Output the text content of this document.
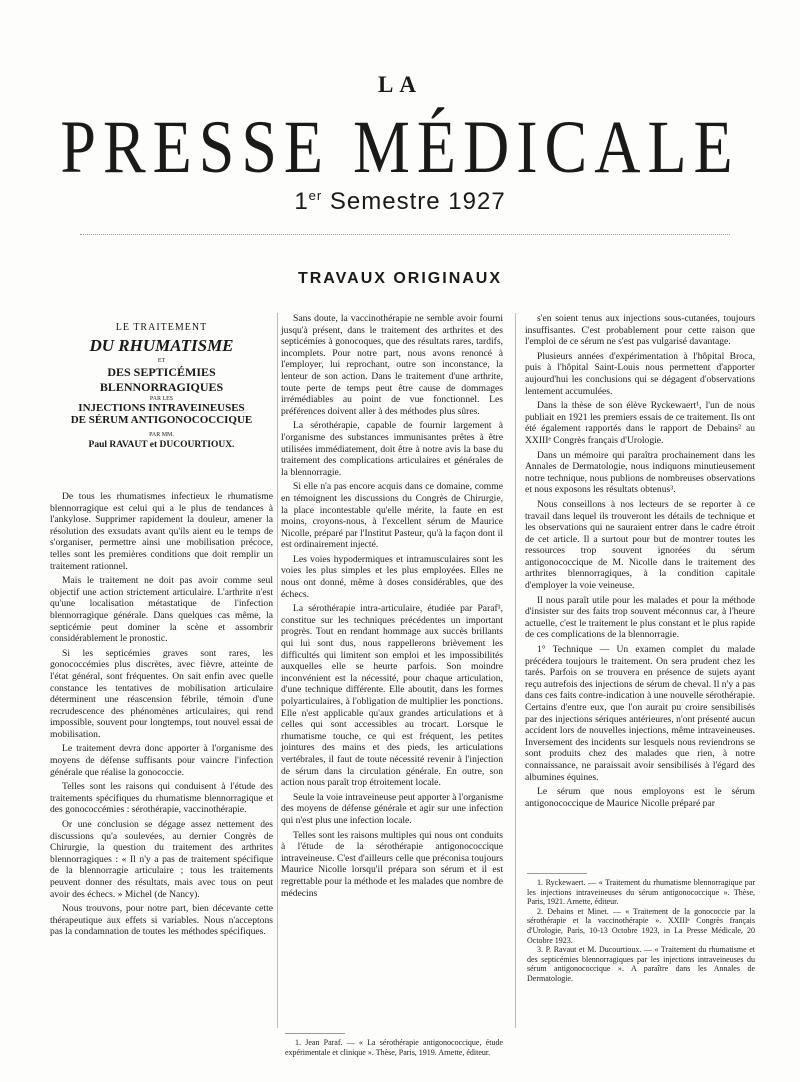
LA
PRESSE MÉDICALE
1er Semestre 1927
TRAVAUX ORIGINAUX
LE TRAITEMENT
DU RHUMATISME
ET
DES SEPTICÉMIES BLENNORRAGIQUES
PAR LES
INJECTIONS INTRAVEINEUSES
DE SÉRUM ANTIGONOCOCCIQUE
PAR MM.
Paul RAVAUT et DUCOURTIOUX.

De tous les rhumatismes infectieux le rhumatisme blennorragique est celui qui a le plus de tendances à l'ankylose. Supprimer rapidement la douleur, amener la résolution des exsudats avant qu'ils aient eu le temps de s'organiser, permettre ainsi une mobilisation précoce, telles sont les premières conditions que doit remplir un traitement rationnel.

Mais le traitement ne doit pas avoir comme seul objectif une action strictement articulaire. L'arthrite n'est qu'une localisation métastatique de l'infection blennorragique générale. Dans quelques cas même, la septicémie peut dominer la scène et assombrir considérablement le pronostic.

Si les septicémies graves sont rares, les gonococcémies plus discrètes, avec fièvre, atteinte de l'état général, sont fréquentes. On sait enfin avec quelle constance les tentatives de mobilisation articulaire déterminent une réascension fébrile, témoin d'une recrudescence des phénomènes articulaires, qui rend impossible, souvent pour longtemps, tout nouvel essai de mobilisation.

Le traitement devra donc apporter à l'organisme des moyens de défense suffisants pour vaincre l'infection générale que réalise la gonococcie.

Telles sont les raisons qui conduisent à l'étude des traitements spécifiques du rhumatisme blennorragique et des gonococcémies : sérothérapie, vaccinothérapie.

Or une conclusion se dégage assez nettement des discussions qu'a soulevées, au dernier Congrès de Chirurgie, la question du traitement des arthrites blennorragiques : « Il n'y a pas de traitement spécifique de la blennorragie articulaire ; tous les traitements peuvent donner des résultats, mais avec tous on peut avoir des échecs. » Michel (de Nancy).

Nous trouvons, pour notre part, bien décevante cette thérapeutique aux effets si variables. Nous n'acceptons pas la condamnation de toutes les méthodes spécifiques.

Sans doute, la vaccinothérapie ne semble avoir fourni jusqu'à présent, dans le traitement des arthrites et des septicémies à gonocoques, que des résultats rares, tardifs, incomplets. Pour notre part, nous avons renoncé à l'employer, lui reprochant, outre son inconstance, la lenteur de son action. Dans le traitement d'une arthrite, toute perte de temps peut être cause de dommages irrémédiables au point de vue fonctionnel. Les préférences doivent aller à des méthodes plus sûres.

La sérothérapie, capable de fournir largement à l'organisme des substances immunisantes prêtes à être utilisées immédiatement, doit être à notre avis la base du traitement des complications articulaires et générales de la blennorragie.

Si elle n'a pas encore acquis dans ce domaine, comme en témoignent les discussions du Congrès de Chirurgie, la place incontestable qu'elle mérite, la faute en est moins, croyons-nous, à l'excellent sérum de Maurice Nicolle, préparé par l'Institut Pasteur, qu'à la façon dont il est ordinairement injecté.

Les voies hypodermiques et intramusculaires sont les voies les plus simples et les plus employées. Elles ne nous ont donné, même à doses considérables, que des échecs.

La sérothérapie intra-articulaire, étudiée par Paraf¹, constitue sur les techniques précédentes un important progrès. Tout en rendant hommage aux succès brillants qui lui sont dus, nous rappellerons brièvement les difficultés qui limitent son emploi et les impossibilités auxquelles elle se heurte parfois. Son moindre inconvénient est la nécessité, pour chaque articulation, d'une technique différente. Elle aboutit, dans les formes polyarticulaires, à l'obligation de multiplier les ponctions. Elle n'est applicable qu'aux grandes articulations et à celles qui sont accessibles au trocart. Lorsque le rhumatisme touche, ce qui est fréquent, les petites jointures des mains et des pieds, les articulations vertébrales, il faut de toute nécessité revenir à l'injection de sérum dans la circulation générale. En outre, son action nous paraît trop étroitement locale.

Seule la voie intraveineuse peut apporter à l'organisme des moyens de défense générale et agir sur une infection qui n'est plus une infection locale.

Telles sont les raisons multiples qui nous ont conduits à l'étude de la sérothérapie antigonococcique intraveineuse. C'est d'ailleurs celle que préconisa toujours Maurice Nicolle lorsqu'il prépara son sérum et il est regrettable pour la méthode et les malades que nombre de médecins

s'en soient tenus aux injections sous-cutanées, toujours insuffisantes. C'est probablement pour cette raison que l'emploi de ce sérum ne s'est pas vulgarisé davantage.

Plusieurs années d'expérimentation à l'hôpital Broca, puis à l'hôpital Saint-Louis nous permettent d'apporter aujourd'hui les conclusions qui se dégagent d'observations lentement accumulées.

Dans la thèse de son élève Ryckewaert¹, l'un de nous publiait en 1921 les premiers essais de ce traitement. Ils ont été également rapportés dans le rapport de Debains² au XXIIIᵉ Congrès français d'Urologie.

Dans un mémoire qui paraîtra prochainement dans les Annales de Dermatologie, nous indiquons minutieusement notre technique, nous publions de nombreuses observations et nous exposons les résultats obtenus³.

Nous conseillons à nos lecteurs de se reporter à ce travail dans lequel ils trouveront les détails de technique et les observations qui ne sauraient entrer dans le cadre étroit de cet article. Il a surtout pour but de montrer toutes les ressources trop souvent ignorées du sérum antigonococcique de M. Nicolle dans le traitement des arthrites blennorragiques, à la condition capitale d'employer la voie veineuse.

Il nous paraît utile pour les malades et pour la méthode d'insister sur des faits trop souvent méconnus car, à l'heure actuelle, c'est le traitement le plus constant et le plus rapide de ces complications de la blennorragie.

1° Technique — Un examen complet du malade précédera toujours le traitement. On sera prudent chez les tarés. Parfois on se trouvera en présence de sujets ayant reçu autrefois des injections de sérum de cheval. Il n'y a pas dans ces faits contre-indication à une nouvelle sérothérapie. Certains d'entre eux, que l'on aurait pu croire sensibilisés par des injections sériques antérieures, n'ont présenté aucun accident lors de nouvelles injections, même intraveineuses. Inversement des incidents sur lesquels nous reviendrons se sont produits chez des malades que rien, à notre connaissance, ne paraissait avoir sensibilisés à l'égard des albumines équines.

Le sérum que nous employons est le sérum antigonococcique de Maurice Nicolle préparé par

1. Jean Paraf. — « La sérothérapie antigonococcique, étude expérimentale et clinique ». Thèse, Paris, 1919. Arnette, éditeur.

1. Ryckewaert. — « Traitement du rhumatisme blennorragique par les injections intraveineuses du sérum antigonococcique ». Thèse, Paris, 1921. Arnette, éditeur.

2. Debains et Minet. — « Traitement de la gonococcie par la sérothérapie et la vaccinothérapie ». XXIIIᵉ Congrès français d'Urologie, Paris, 10-13 Octobre 1923, in La Presse Médicale, 20 Octobre 1923.

3. P. Ravaut et M. Ducourtioux. — « Traitement du rhumatisme et des septicémies blennorragiques par les injections intraveineuses du sérum antigonococcique ». A paraître dans les Annales de Dermatologie.
